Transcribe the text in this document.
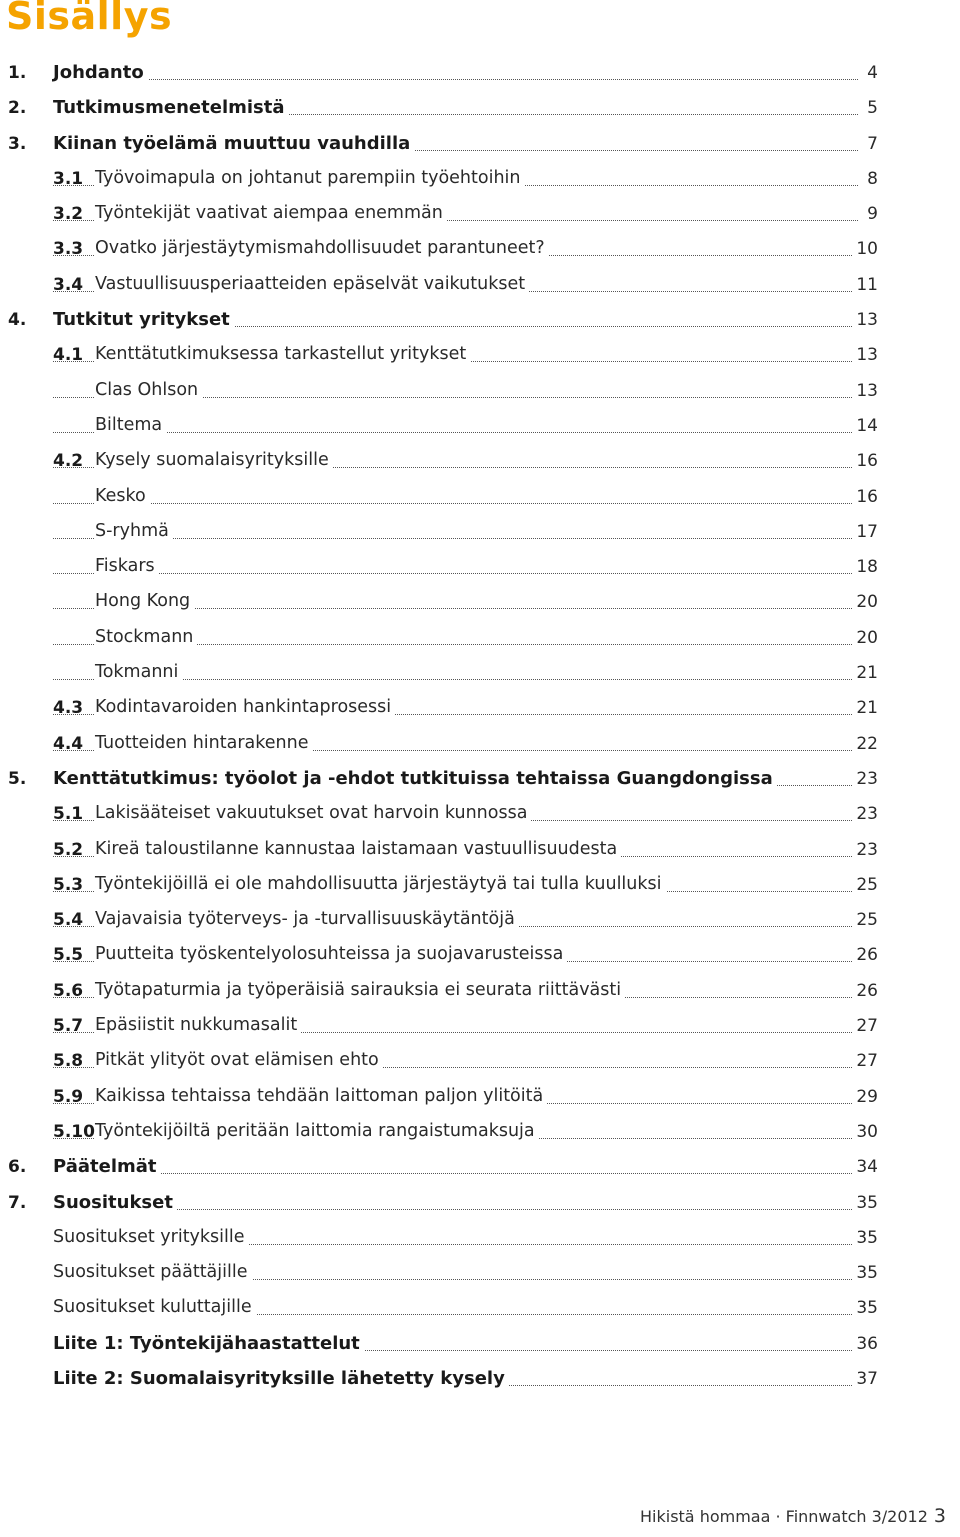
Sisällys
1. Johdanto	4
2. Tutkimusmenetelmistä	5
3. Kiinan työelämä muuttuu vauhdilla	7
3.1 Työvoimapula on johtanut parempiin työehtoihin	8
3.2 Työntekijät vaativat aiempaa enemmän	9
3.3 Ovatko järjestäytymismahdollisuudet parantuneet?	10
3.4 Vastuullisuusperiaatteiden epäselvät vaikutukset	11
4. Tutkitut yritykset	13
4.1 Kenttätutkimuksessa tarkastellut yritykset	13
Clas Ohlson	13
Biltema	14
4.2 Kysely suomalaisyrityksille	16
Kesko	16
S-ryhmä	17
Fiskars	18
Hong Kong	20
Stockmann	20
Tokmanni	21
4.3 Kodintavaroiden hankintaprosessi	21
4.4 Tuotteiden hintarakenne	22
5. Kenttätutkimus: työolot ja -ehdot tutkituissa tehtaissa Guangdongissa	23
5.1 Lakisääteiset vakuutukset ovat harvoin kunnossa	23
5.2 Kireä taloustilanne kannustaa laistamaan vastuullisuudesta	23
5.3 Työntekijöillä ei ole mahdollisuutta järjestäytyä tai tulla kuulluksi	25
5.4 Vajavaisia työterveys- ja -turvallisuuskäytäntöjä	25
5.5 Puutteita työskentelyolosuhteissa ja suojavarusteissa	26
5.6 Työtapaturmia ja työperäisiä sairauksia ei seurata riittävästi	26
5.7 Epäsiistit nukkumasalit	27
5.8 Pitkät ylityöt ovat elämisen ehto	27
5.9 Kaikissa tehtaissa tehdään laittoman paljon ylitöitä	29
5.10 Työntekijöiltä peritään laittomia rangaistumaksuja	30
6. Päätelmät	34
7. Suositukset	35
Suositukset yrityksille	35
Suositukset päättäjille	35
Suositukset kuluttajille	35
Liite 1: Työntekijähaastattelut	36
Liite 2: Suomalaisyrityksille lähetetty kysely	37
Hikistä hommaa · Finnwatch 3/2012 3
